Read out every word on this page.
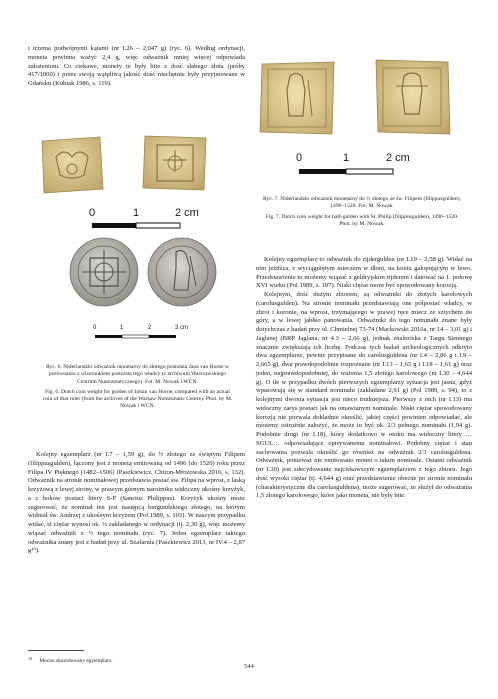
i trzema podwójnymi kątami (nr I.26 – 2,047 g) (ryc. 6). Według ordynacji, moneta powinna ważyć 2,4 g, więc odważnik mniej więcej odpowiada założeniom. Co ciekawe, monety te były bite z dość słabego złota (próby 417/1000) i przez swoją wątpliwą jakość dość niechętnie były przyjmowane w Gdańsku (Kubiak 1986, s. 119).

0	1	2 cm
0	1	2	3 cm

Ryc. 6. Niderlandzki odważnik monetarny do złotego postulata Jana van Horne w porównaniu z wizerunkiem postulata tego władcy (z archiwum Warszawskiego Centrum Numizmatycznego). Fot. M. Nowak i WCN.

Fig. 6. Dutch coin weight for golden of Johan van Horne, compared with an actual coin of that ruler (from the archives of the Warsaw Numismatic Centre). Phot. by M. Nowak i WCN.

Kolejny egzemplarz (nr I.7 – 1,59 g), do ½ złotego ze świętym Filipem (filippusgulden), łączony jest z monetą emitowaną od 1496 (do 1520) roku przez Filipa IV Pięknego (1482–1506) (Paszkiewicz, Chiron-Mrozowska 2016, s. 132). Odważnik na stronie nominałowej przedstawia postać św. Filipa na wprost, z laską krzyżową z lewej strony, w prawym górnym narożniku widoczny ukośny krzyżyk, a z boków postaci litery S-P (Sanctus Philippus). Krzyżyk ukośny może sugerować, że nominał ten jest następcą burgundzkiego złotego, na którym widniał św. Andrzej z ukośnym krzyżem (Pol 1989, s. 103). W naszym przypadku widać, iż ciężar wynosi ok. ⅔ zakładanego w ordynacji (tj. 2,30 g), więc możemy wiązać odważnik z ½ tego nominału (ryc. 7). Jeden egzemplarz takiego odważnika znany jest z badań przy ul. Szafarnia (Paszkiewicz 2013, nr IV.4 – 2,87 g¹⁰).

0	1	2 cm

Ryc. 7. Niderlandzki odważnik monetarny do ½ złotego ze św. Filipem (filippusgulden), 1496–1520. Fot. M. Nowak.

Fig. 7. Dutch coin weight for half-gulden with St. Philip (filippusgulden), 1496–1520. Phot. by M. Nowak.

Kolejny egzemplarz to odważnik do rijdergulden (nr I.19 – 2,58 g). Widać na nim jeźdźca, z wyciągniętym mieczem w dłoni, na koniu galopującym w lewo. Przedstawienie to możemy wiązać z geldryjskim rijderem i datować na 1. połowę XVI wieku (Pol 1989, s. 107). Niski ciężar może być spowodowany korozją.

Kolejnym, dość dużym zbiorem, są odważniki do złotych karolowych (carolusgulden). Na stronie nominału przedstawiają one półpostać władcy, w zbroi i koronie, na wprost, trzymającego w prawej ręce miecz ze sztychem do góry, a w lewej jabłko panowania. Odważniki do tego nominału znane były dotychczas z badań przy ul. Chmielnej 73-74 (Mackowski 2016a, nr 14 – 3,01 g) i Jaglanej (BRP Jaglana, nr 4.3 – 2,66 g), jednak znaleziska z Targu Siennego znacznie zwiększają ich liczbę. Podczas tych badań archeologicznych odkryto dwa egzemplarze, pewnie przypisane do carolusguldena (nr I.4 – 2,86 g i I.9 – 2,665 g), dwa prawdopodobnie rozpoznane (nr I.13 – 1,65 g i I.18 – 1,61 g) oraz jeden, najprawdopodobniej, do ważenia 1,5 złotego karolowego (nr I.30 – 4,644 g). O ile w przypadku dwóch pierwszych egzemplarzy sytuacja jest jasna, gdyż wpasowują się w standard nominału (zakładane 2,91 g) (Pol 1989, s. 94), to z kolejnymi dwoma sytuacja jest nieco trudniejsza. Pierwszy z nich (nr I.13) ma widoczny zarys postaci jak na omawianym nominale. Niski ciężar spowodowany korozją nie pozwala dokładnie określić, jakiej części powinien odpowiadać, ale możemy ostrożnie założyć, że może to być ok. 2/3 pełnego nominału (1,94 g). Podobnie drugi (nr I.18), który dodatkowo w otoku ma widoczny litery …SGUL… odpowiadające opisywanemu nominałowi. Podobny ciężar i stan zachowania pozwala określić go również na odważnik 2/3 carolusguldena. Odważnik, ponieważ nie emitowano monet o takim nominale. Ostatni odważnik (nr I.30) jest zdecydowanie najciekawszym egzemplarzem z tego zbioru. Jego dość wysoki ciężar (tj. 4,644 g) oraz przedstawienie obecne po stronie nominału (charakterystyczne dla carolusguldena), może sugerować, że służył do odważania 1,5 złotego karolowego, które jako moneta, nie były bite.

$^{10}$ Mocno skorodowany egzemplarz.
544
